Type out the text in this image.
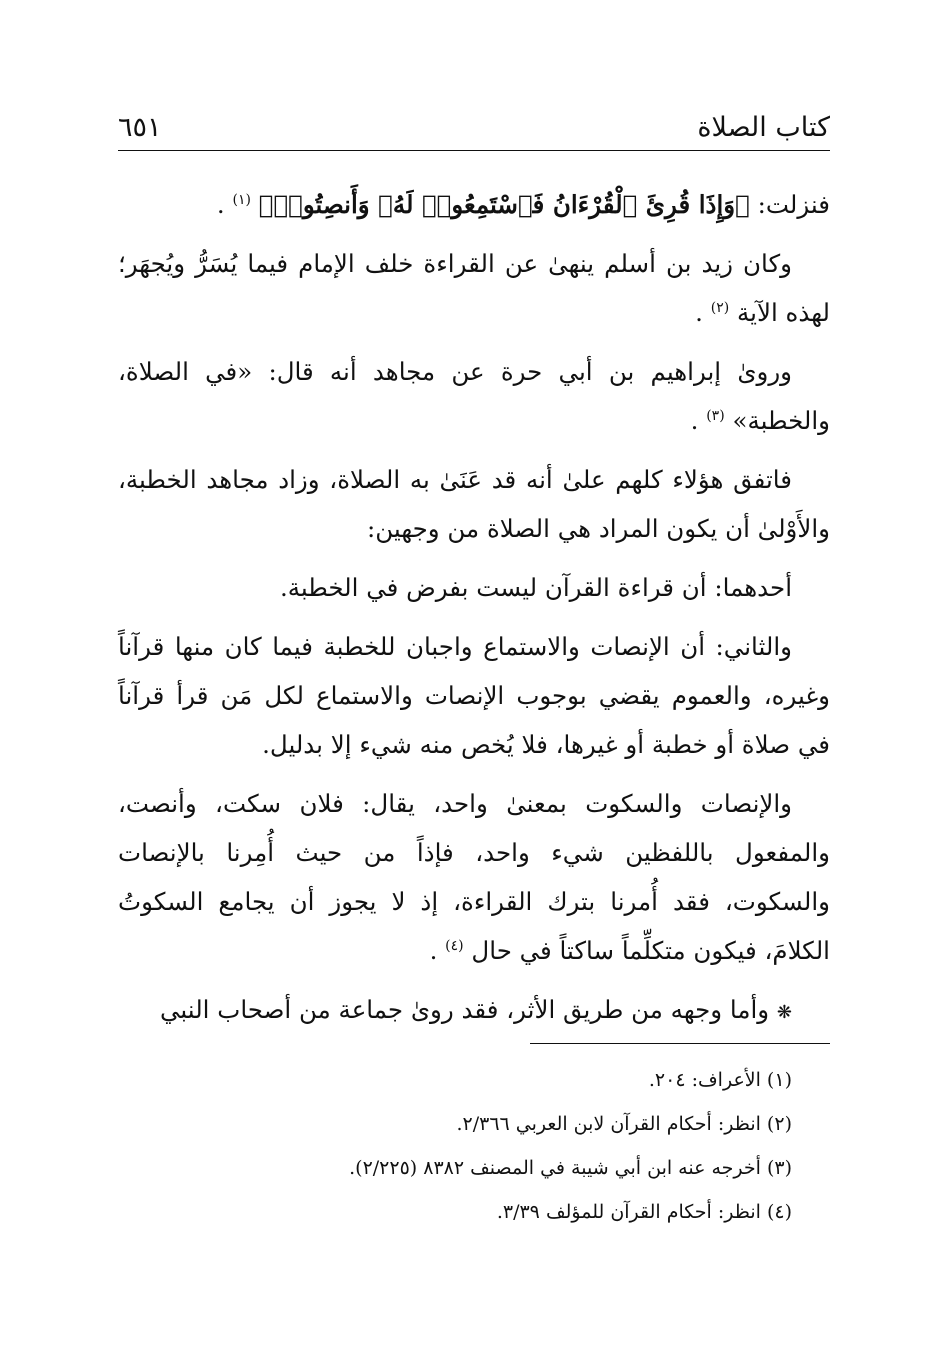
كتاب الصلاة
٦٥١

فنزلت: ﴿وَإِذَا قُرِئَ ٱلْقُرْءَانُ فَٱسْتَمِعُوا۟ لَهُۥ وَأَنصِتُوا۟﴾ $^{(١)}$ .

وكان زيد بن أسلم ينهىٰ عن القراءة خلف الإمام فيما يُسَرُّ ويُجهَر؛ لهذه الآية $^{(٢)}$ .

وروىٰ إبراهيم بن أبي حرة عن مجاهد أنه قال: «في الصلاة، والخطبة» $^{(٣)}$ .

فاتفق هؤلاء كلهم علىٰ أنه قد عَنَىٰ به الصلاة، وزاد مجاهد الخطبة، والأَوْلىٰ أن يكون المراد هي الصلاة من وجهين:

أحدهما: أن قراءة القرآن ليست بفرض في الخطبة.

والثاني: أن الإنصات والاستماع واجبان للخطبة فيما كان منها قرآناً وغيره، والعموم يقضي بوجوب الإنصات والاستماع لكل مَن قرأ قرآناً في صلاة أو خطبة أو غيرها، فلا يُخص منه شيء إلا بدليل.

والإنصات والسكوت بمعنىٰ واحد، يقال: فلان سكت، وأنصت، والمفعول باللفظين شيء واحد، فإذاً من حيث أُمِرنا بالإنصات والسكوت، فقد أُمرنا بترك القراءة، إذ لا يجوز أن يجامع السكوتُ الكلامَ، فيكون متكلِّماً ساكتاً في حال $^{(٤)}$ .

❋ وأما وجهه من طريق الأثر، فقد روىٰ جماعة من أصحاب النبي

(١) الأعراف: ٢٠٤.

(٢) انظر: أحكام القرآن لابن العربي ٢/٣٦٦.

(٣) أخرجه عنه ابن أبي شيبة في المصنف ٨٣٨٢ (٢/٢٢٥).

(٤) انظر: أحكام القرآن للمؤلف ٣/٣٩.
